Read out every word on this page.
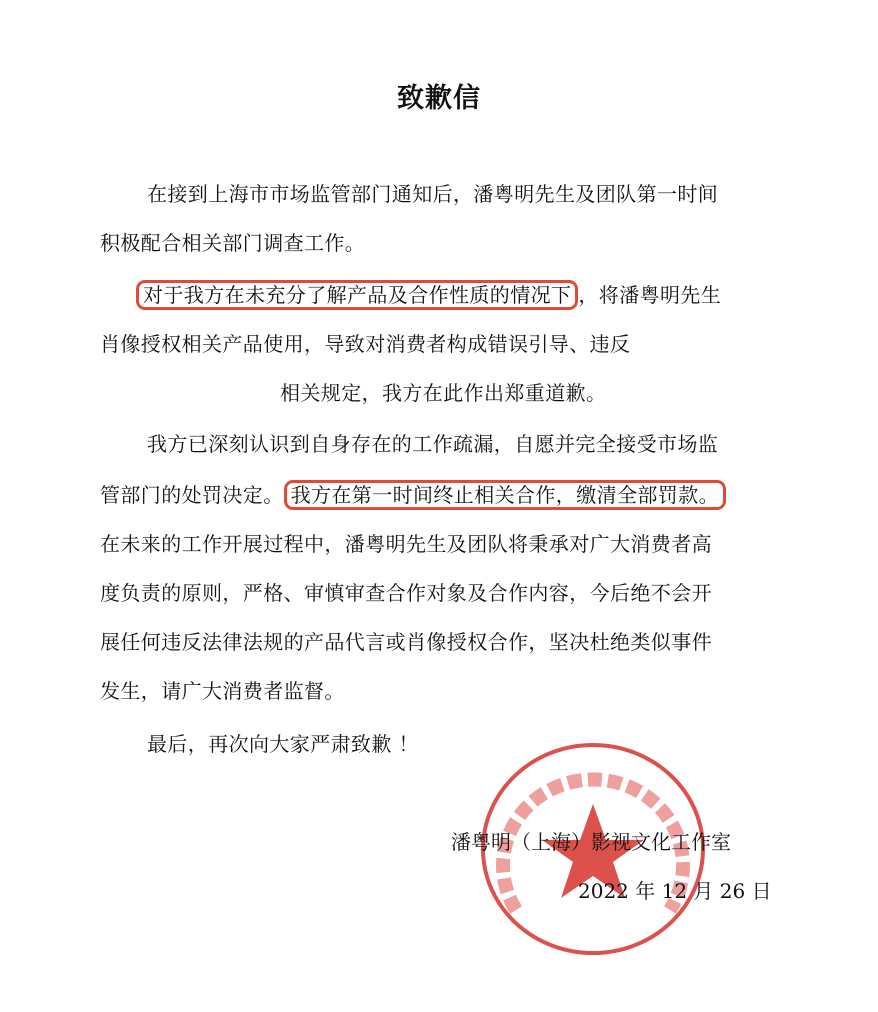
致歉信
在接到上海市市场监管部门通知后，潘粤明先生及团队第一时间
积极配合相关部门调查工作。
对于我方在未充分了解产品及合作性质的情况下 ，将潘粤明先生
肖像授权相关产品使用，导致对消费者构成错误引导、违反
相关规定，我方在此作出郑重道歉。
我方已深刻认识到自身存在的工作疏漏，自愿并完全接受市场监
管部门的处罚决定。 我方在第一时间终止相关合作，缴清全部罚款。
在未来的工作开展过程中，潘粤明先生及团队将秉承对广大消费者高
度负责的原则，严格、审慎审查合作对象及合作内容，今后绝不会开
展任何违反法律法规的产品代言或肖像授权合作，坚决杜绝类似事件
发生，请广大消费者监督。
最后，再次向大家严肃致歉 ！
潘粤明（上海）影视文化工作室
2022 年 12 月 26 日
